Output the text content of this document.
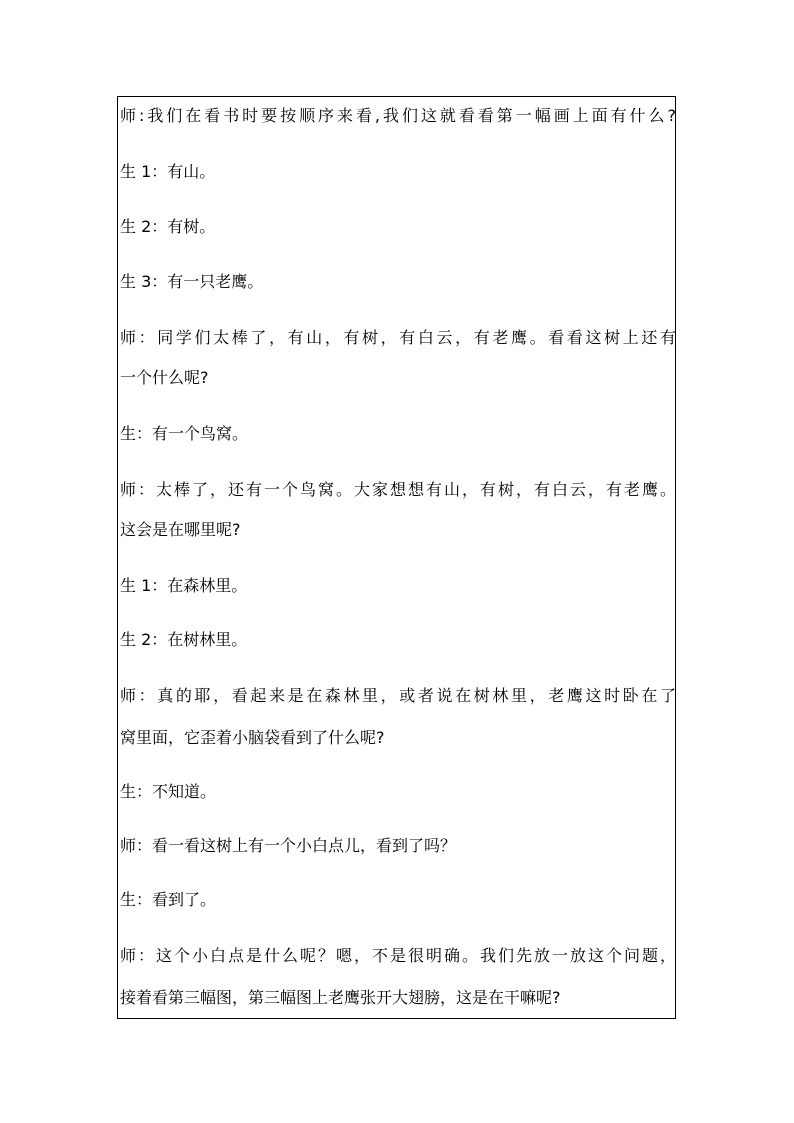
师:我们在看书时要按顺序来看,我们这就看看第一幅画上面有什么?
生 1：有山。
生 2：有树。
生 3：有一只老鹰。
师：同学们太棒了，有山，有树，有白云，有老鹰。看看这树上还有
一个什么呢?
生：有一个鸟窝。
师：太棒了，还有一个鸟窝。大家想想有山，有树，有白云，有老鹰。
这会是在哪里呢?
生 1：在森林里。
生 2：在树林里。
师：真的耶，看起来是在森林里，或者说在树林里，老鹰这时卧在了
窝里面，它歪着小脑袋看到了什么呢?
生：不知道。
师：看一看这树上有一个小白点儿，看到了吗？
生：看到了。
师：这个小白点是什么呢？嗯，不是很明确。我们先放一放这个问题，
接着看第三幅图，第三幅图上老鹰张开大翅膀，这是在干嘛呢?
